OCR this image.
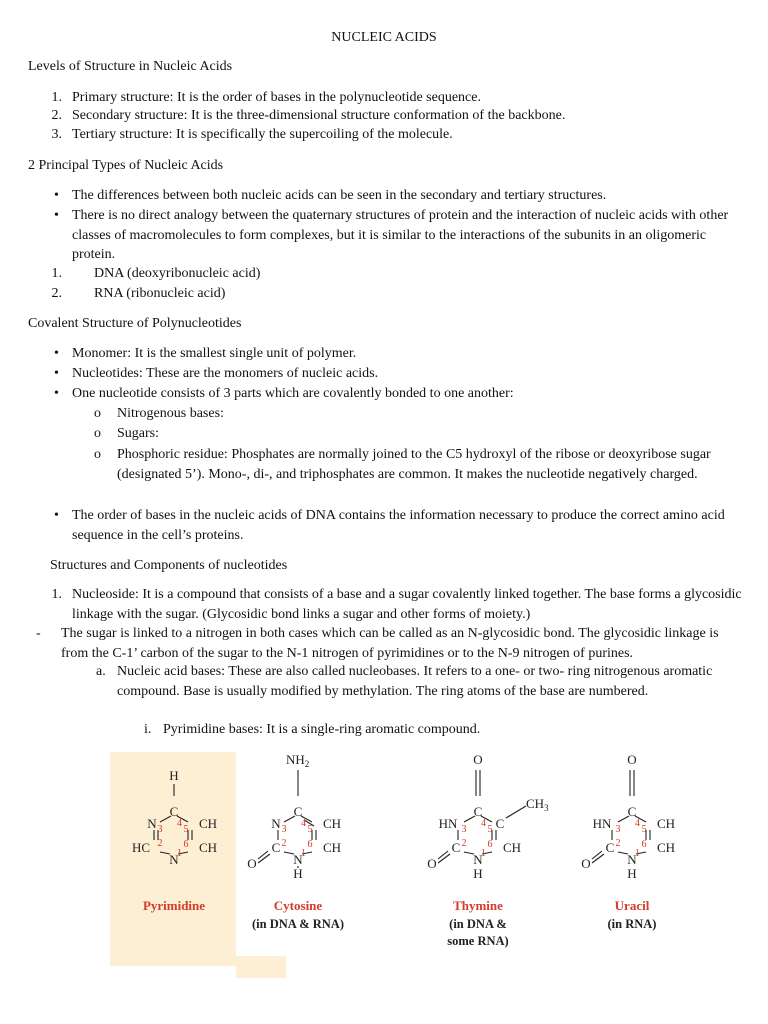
NUCLEIC ACIDS
Levels of Structure in Nucleic Acids
1. Primary structure: It is the order of bases in the polynucleotide sequence.
2. Secondary structure: It is the three-dimensional structure conformation of the backbone.
3. Tertiary structure: It is specifically the supercoiling of the molecule.
2 Principal Types of Nucleic Acids
• The differences between both nucleic acids can be seen in the secondary and tertiary structures.
• There is no direct analogy between the quaternary structures of protein and the interaction of nucleic acids with other classes of macromolecules to form complexes, but it is similar to the interactions of the subunits in an oligomeric protein.
1. DNA (deoxyribonucleic acid)
2. RNA (ribonucleic acid)
Covalent Structure of Polynucleotides
• Monomer: It is the smallest single unit of polymer.
• Nucleotides: These are the monomers of nucleic acids.
• One nucleotide consists of 3 parts which are covalently bonded to one another:
o Nitrogenous bases:
o Sugars:
o Phosphoric residue: Phosphates are normally joined to the C5 hydroxyl of the ribose or deoxyribose sugar (designated 5’). Mono-, di-, and triphosphates are common. It makes the nucleotide negatively charged.
• The order of bases in the nucleic acids of DNA contains the information necessary to produce the correct amino acid sequence in the cell’s proteins.
Structures and Components of nucleotides
1. Nucleoside: It is a compound that consists of a base and a sugar covalently linked together. The base forms a glycosidic linkage with the sugar. (Glycosidic bond links a sugar and other forms of moiety.)
- The sugar is linked to a nitrogen in both cases which can be called as an N-glycosidic bond. The glycosidic linkage is from the C-1’ carbon of the sugar to the N-1 nitrogen of pyrimidines or to the N-9 nitrogen of purines.
a. Nucleic acid bases: These are also called nucleobases. It refers to a one- or two- ring nitrogenous aromatic compound. Base is usually modified by methylation. The ring atoms of the base are numbered.
i. Pyrimidine bases: It is a single-ring aromatic compound.
H
C
N	CH
CH
HC
N
1
2
3
4
5
6
Pyrimidine
$NH_2$
C
N	CH
CH
C
N
H
O
1
2
3
4
5
6
Cytosine
(in DNA & RNA)
O
C
HN	C
$CH_3$
CH
C
N
H
O
1
2
3
4
5
6
Thymine
(in DNA &
some RNA)
O
C
HN	CH
CH
C
N
H
O
1
2
3
4
5
6
Uracil
(in RNA)
